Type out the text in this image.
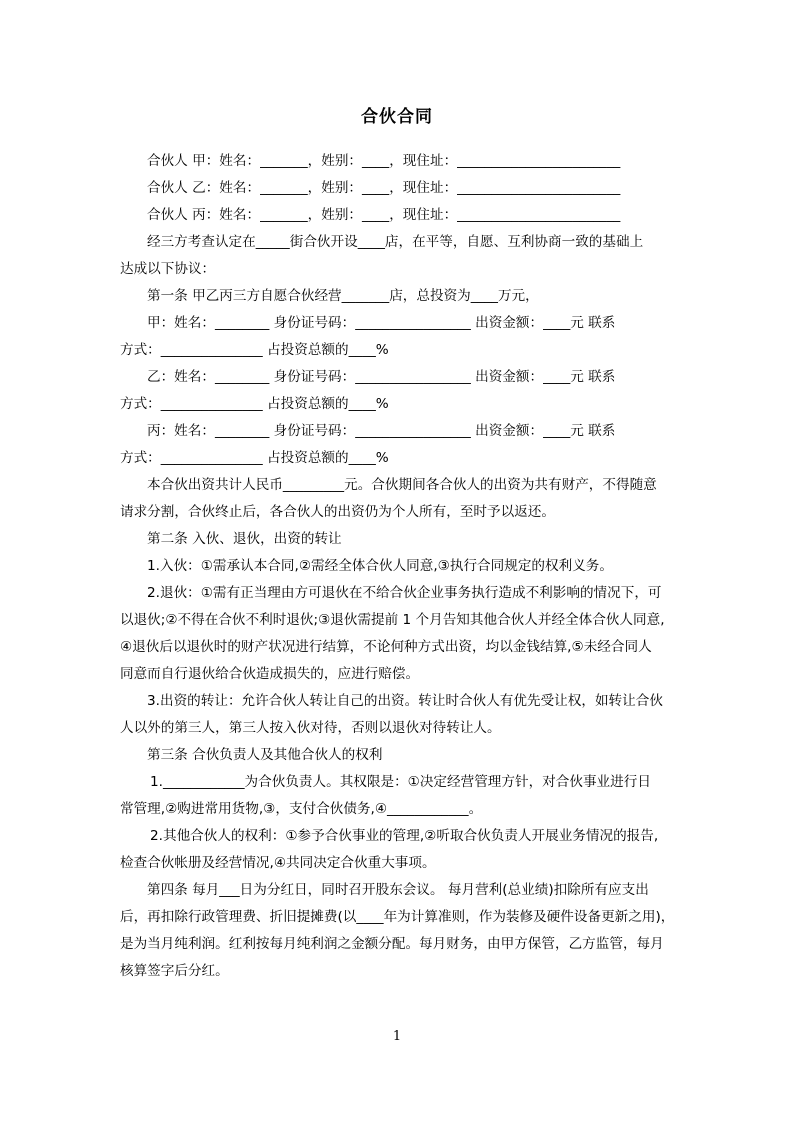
合伙合同
合伙人 甲：姓名：_______，姓别：____，现住址：________________________
合伙人 乙：姓名：_______，姓别：____，现住址：________________________
合伙人 丙：姓名：_______，姓别：____，现住址：________________________
经三方考查认定在_____街合伙开设____店，在平等，自愿、互利协商一致的基础上
达成以下协议：
第一条 甲乙丙三方自愿合伙经营_______店，总投资为____万元，
甲：姓名：________ 身份证号码：_________________ 出资金额：____元 联系
方式：_______________ 占投资总额的____%
乙：姓名：________ 身份证号码：_________________ 出资金额：____元 联系
方式：_______________ 占投资总额的____%
丙：姓名：________ 身份证号码：_________________ 出资金额：____元 联系
方式：_______________ 占投资总额的____%
本合伙出资共计人民币_________元。合伙期间各合伙人的出资为共有财产，不得随意
请求分割，合伙终止后，各合伙人的出资仍为个人所有，至时予以返还。
第二条 入伙、退伙，出资的转让
1.入伙：①需承认本合同,②需经全体合伙人同意,③执行合同规定的权利义务。
2.退伙：①需有正当理由方可退伙在不给合伙企业事务执行造成不利影响的情况下，可
以退伙;②不得在合伙不利时退伙;③退伙需提前 1 个月告知其他合伙人并经全体合伙人同意,
④退伙后以退伙时的财产状况进行结算，不论何种方式出资，均以金钱结算,⑤未经合同人
同意而自行退伙给合伙造成损失的，应进行赔偿。
3.出资的转让：允许合伙人转让自己的出资。转让时合伙人有优先受让权，如转让合伙
人以外的第三人，第三人按入伙对待，否则以退伙对待转让人。
第三条 合伙负责人及其他合伙人的权利
1.____________为合伙负责人。其权限是：①决定经营管理方针，对合伙事业进行日
常管理,②购进常用货物,③，支付合伙债务,④____________。
2.其他合伙人的权利：①参予合伙事业的管理,②听取合伙负责人开展业务情况的报告,
检查合伙帐册及经营情况,④共同决定合伙重大事项。
第四条 每月___日为分红日，同时召开股东会议。 每月营利(总业绩)扣除所有应支出
后，再扣除行政管理费、折旧提摊费(以____年为计算准则，作为装修及硬件设备更新之用)，
是为当月纯利润。红利按每月纯利润之金额分配。每月财务，由甲方保管，乙方监管，每月
核算签字后分红。
1
